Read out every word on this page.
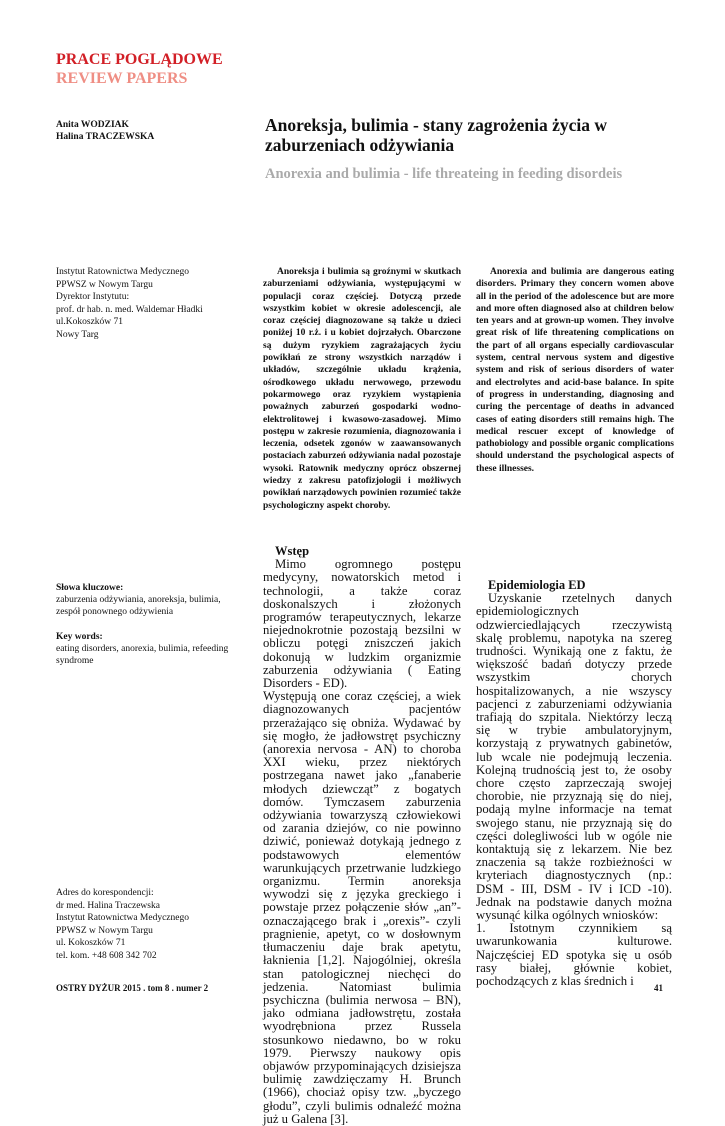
PRACE POGLĄDOWE
REVIEW PAPERS
Anita WODZIAK
Halina TRACZEWSKA
Anoreksja, bulimia - stany zagrożenia życia w zaburzeniach odżywiania
Anorexia and bulimia - life threateing in feeding disordeis
Instytut Ratownictwa Medycznego
PPWSZ w Nowym Targu
Dyrektor Instytutu:
prof. dr hab. n. med. Waldemar Hładki
ul.Kokoszków 71
Nowy Targ

Anoreksja i bulimia są groźnymi w skutkach zaburzeniami odżywiania, występującymi w populacji coraz częściej. Dotyczą przede wszystkim kobiet w okresie adolescencji, ale coraz częściej diagnozowane są także u dzieci poniżej 10 r.ż. i u kobiet dojrzałych. Obarczone są dużym ryzykiem zagrażających życiu powikłań ze strony wszystkich narządów i układów, szczególnie układu krążenia, ośrodkowego układu nerwowego, przewodu pokarmowego oraz ryzykiem wystąpienia poważnych zaburzeń gospodarki wodno-elektrolitowej i kwasowo-zasadowej. Mimo postępu w zakresie rozumienia, diagnozowania i leczenia, odsetek zgonów w zaawansowanych postaciach zaburzeń odżywiania nadal pozostaje wysoki. Ratownik medyczny oprócz obszernej wiedzy z zakresu patofizjologii i możliwych powikłań narządowych powinien rozumieć także psychologiczny aspekt choroby.

Anorexia and bulimia are dangerous eating disorders. Primary they concern women above all in the period of the adolescence but are more and more often diagnosed also at children below ten years and at grown-up women. They involve great risk of life threatening complications on the part of all organs especially cardiovascular system, central nervous system and digestive system and risk of serious disorders of water and electrolytes and acid-base balance. In spite of progress in understanding, diagnosing and curing the percentage of deaths in advanced cases of eating disorders still remains high. The medical rescuer except of knowledge of pathobiology and possible organic complications should understand the psychological aspects of these illnesses.

Słowa kluczowe:
zaburzenia odżywiania, anoreksja, bulimia, zespół ponownego odżywienia
Key words:
eating disorders, anorexia, bulimia, refeeding syndrome

Wstęp

Mimo ogromnego postępu medycyny, nowatorskich metod i technologii, a także coraz doskonalszych i złożonych programów terapeutycznych, lekarze niejednokrotnie pozostają bezsilni w obliczu potęgi zniszczeń jakich dokonują w ludzkim organizmie zaburzenia odżywiania ( Eating Disorders - ED).

Występują one coraz częściej, a wiek diagnozowanych pacjentów przerażająco się obniża. Wydawać by się mogło, że jadłowstręt psychiczny (anorexia nervosa - AN) to choroba XXI wieku, przez niektórych postrzegana nawet jako „fanaberie młodych dziewcząt” z bogatych domów. Tymczasem zaburzenia odżywiania towarzyszą człowiekowi od zarania dziejów, co nie powinno dziwić, ponieważ dotykają jednego z podstawowych elementów warunkujących przetrwanie ludzkiego organizmu. Termin anoreksja wywodzi się z języka greckiego i powstaje przez połączenie słów „an”-oznaczającego brak i „orexis”- czyli pragnienie, apetyt, co w dosłownym tłumaczeniu daje brak apetytu, łaknienia [1,2]. Najogólniej, określa stan patologicznej niechęci do jedzenia. Natomiast bulimia psychiczna (bulimia nerwosa – BN), jako odmiana jadłowstrętu, została wyodrębniona przez Russela stosunkowo niedawno, bo w roku 1979. Pierwszy naukowy opis objawów przypominających dzisiejsza bulimię zawdzięczamy H. Brunch (1966), chociaż opisy tzw. „byczego głodu”, czyli bulimis odnaleźć można już u Galena [3].

Epidemiologia ED

Uzyskanie rzetelnych danych epidemiologicznych odzwierciedlających rzeczywistą skalę problemu, napotyka na szereg trudności. Wynikają one z faktu, że większość badań dotyczy przede wszystkim chorych hospitalizowanych, a nie wszyscy pacjenci z zaburzeniami odżywiania trafiają do szpitala. Niektórzy leczą się w trybie ambulatoryjnym, korzystają z prywatnych gabinetów, lub wcale nie podejmują leczenia. Kolejną trudnością jest to, że osoby chore często zaprzeczają swojej chorobie, nie przyznają się do niej, podają mylne informacje na temat swojego stanu, nie przyznają się do części dolegliwości lub w ogóle nie kontaktują się z lekarzem. Nie bez znaczenia są także rozbieżności w kryteriach diagnostycznych (np.: DSM - III, DSM - IV i ICD -10). Jednak na podstawie danych można wysunąć kilka ogólnych wniosków:

1. Istotnym czynnikiem są uwarunkowania kulturowe. Najczęściej ED spotyka się u osób rasy białej, głównie kobiet, pochodzących z klas średnich i

Adres do korespondencji:
dr med. Halina Traczewska
Instytut Ratownictwa Medycznego
PPWSZ w Nowym Targu
ul. Kokoszków 71
tel. kom. +48 608 342 702
OSTRY DYŻUR 2015 . tom 8 . numer 2	41
